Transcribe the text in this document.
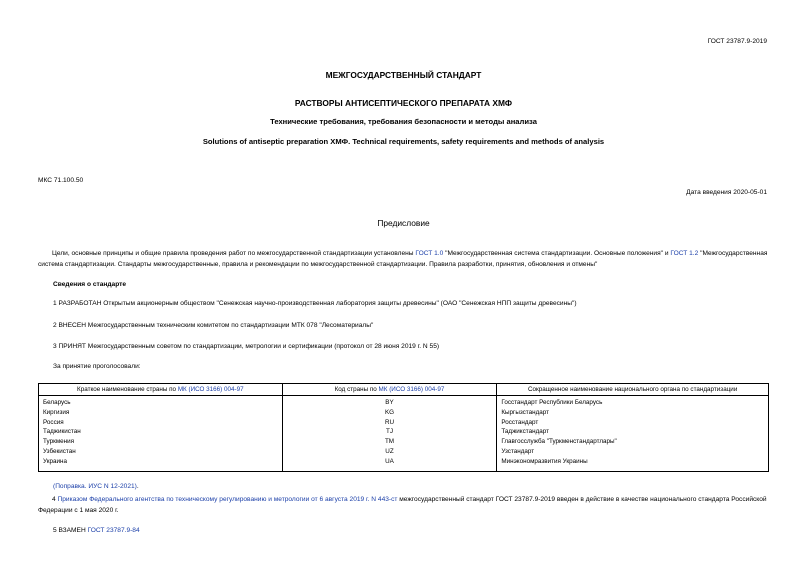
ГОСТ 23787.9-2019
МЕЖГОСУДАРСТВЕННЫЙ СТАНДАРТ
РАСТВОРЫ АНТИСЕПТИЧЕСКОГО ПРЕПАРАТА ХМФ
Технические требования, требования безопасности и методы анализа
Solutions of antiseptic preparation ХМФ. Technical requirements, safety requirements and methods of analysis
МКС 71.100.50
Дата введения 2020-05-01
Предисловие
Цели, основные принципы и общие правила проведения работ по межгосударственной стандартизации установлены ГОСТ 1.0 "Межгосударственная система стандартизации. Основные положения" и ГОСТ 1.2 "Межгосударственная система стандартизации. Стандарты межгосударственные, правила и рекомендации по межгосударственной стандартизации. Правила разработки, принятия, обновления и отмены"
Сведения о стандарте
1 РАЗРАБОТАН Открытым акционерным обществом "Сенежская научно-производственная лаборатория защиты древесины" (ОАО "Сенежская НПП защиты древесины")
2 ВНЕСЕН Межгосударственным техническим комитетом по стандартизации МТК 078 "Лесоматериалы"
3 ПРИНЯТ Межгосударственным советом по стандартизации, метрологии и сертификации (протокол от 28 июня 2019 г. N 55)
За принятие проголосовали:
Краткое наименование страны по МК (ИСО 3166) 004-97	Код страны по МК (ИСО 3166) 004-97	Сокращенное наименование национального органа по стандартизации
Беларусь	BY	Госстандарт Республики Беларусь
Киргизия	KG	Кыргызстандарт
Россия	RU	Росстандарт
Таджикистан	TJ	Таджикстандарт
Туркмения	TM	Главгосслужба "Туркменстандартлары"
Узбекистан	UZ	Узстандарт
Украина	UA	Минэкономразвития Украины
(Поправка. ИУС N 12-2021).
4 Приказом Федерального агентства по техническому регулированию и метрологии от 6 августа 2019 г. N 443-ст межгосударственный стандарт ГОСТ 23787.9-2019 введен в действие в качестве национального стандарта Российской Федерации с 1 мая 2020 г.
5 ВЗАМЕН ГОСТ 23787.9-84
